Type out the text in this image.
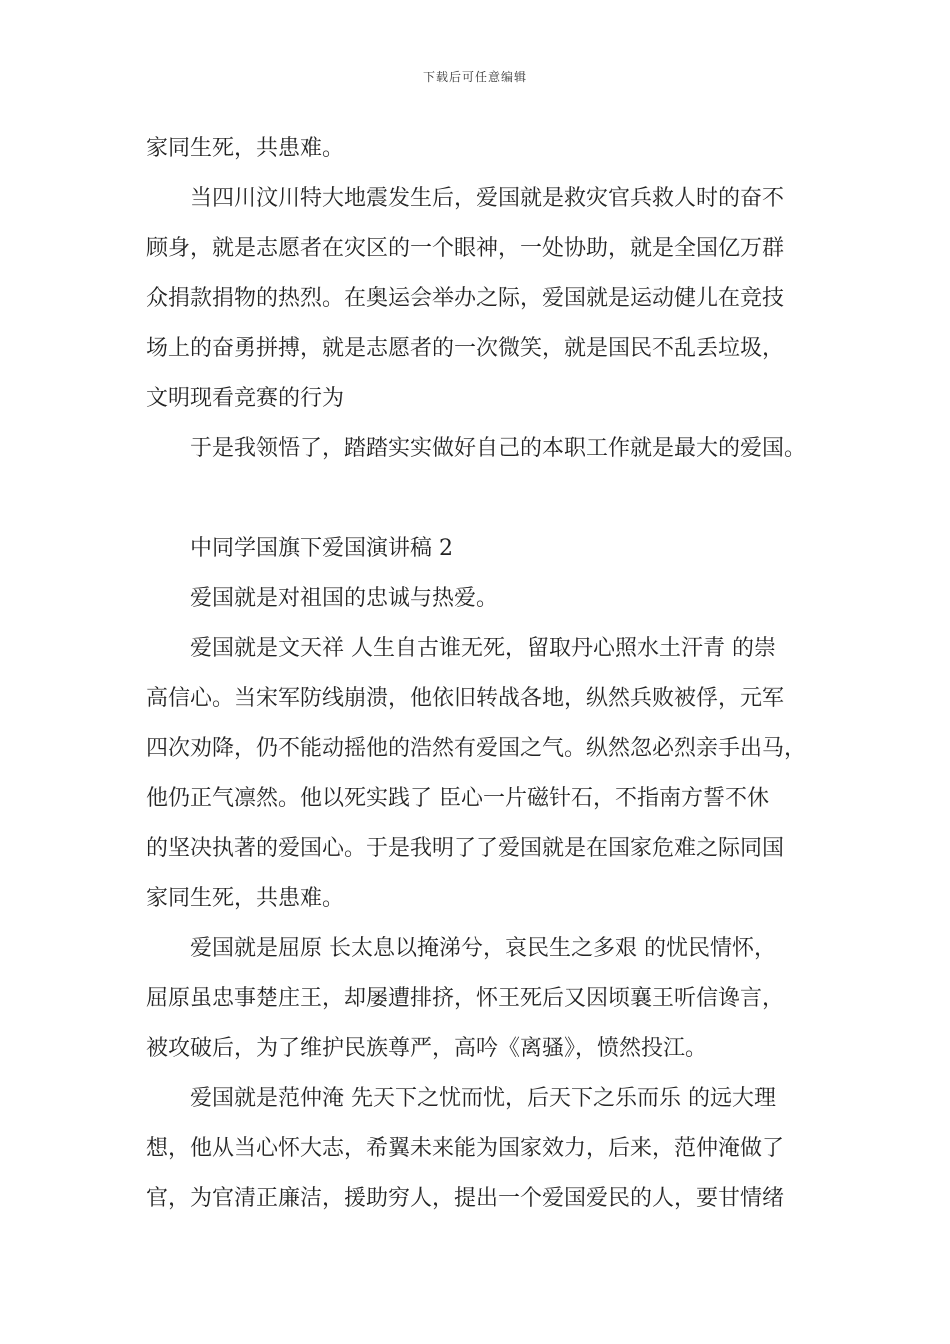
下载后可任意编辑
家同生死，共患难。
当四川汶川特大地震发生后，爱国就是救灾官兵救人时的奋不
顾身，就是志愿者在灾区的一个眼神，一处协助，就是全国亿万群
众捐款捐物的热烈。在奥运会举办之际，爱国就是运动健儿在竞技
场上的奋勇拼搏，就是志愿者的一次微笑，就是国民不乱丢垃圾，
文明现看竞赛的行为
于是我领悟了，踏踏实实做好自己的本职工作就是最大的爱国。
中同学国旗下爱国演讲稿 2
爱国就是对祖国的忠诚与热爱。
爱国就是文天祥 人生自古谁无死，留取丹心照水土汗青 的崇
高信心。当宋军防线崩溃，他依旧转战各地，纵然兵败被俘，元军
四次劝降，仍不能动摇他的浩然有爱国之气。纵然忽必烈亲手出马，
他仍正气凛然。他以死实践了 臣心一片磁针石，不指南方誓不休
的坚决执著的爱国心。于是我明了了爱国就是在国家危难之际同国
家同生死，共患难。
爱国就是屈原 长太息以掩涕兮，哀民生之多艰 的忧民情怀，
屈原虽忠事楚庄王，却屡遭排挤，怀王死后又因顷襄王听信谗言，
被攻破后，为了维护民族尊严，高吟《离骚》，愤然投江。
爱国就是范仲淹 先天下之忧而忧，后天下之乐而乐 的远大理
想，他从当心怀大志，希翼未来能为国家效力，后来，范仲淹做了
官，为官清正廉洁，援助穷人，提出一个爱国爱民的人，要甘情绪
